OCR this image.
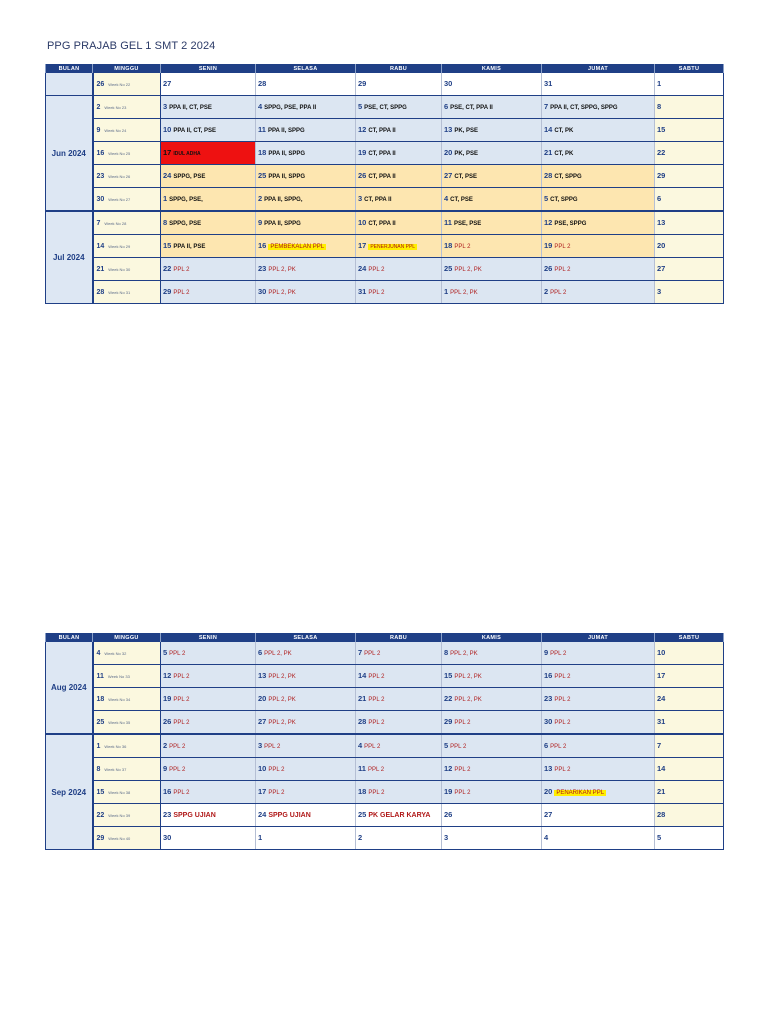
PPG PRAJAB GEL 1 SMT 2 2024
BULAN	MINGGU	SENIN	SELASA	RABU	KAMIS	JUMAT	SABTU
	26 Week No 22	27	28	29	30	31	1
Jun 2024	2 Week No 23	3 PPA II, CT, PSE	4 SPPG, PSE, PPA II	5 PSE, CT, SPPG	6 PSE, CT, PPA II	7 PPA II, CT, SPPG, SPPG	8
	9 Week No 24	10 PPA II, CT, PSE	11 PPA II, SPPG	12 CT, PPA II	13 PK, PSE	14 CT, PK	15
	16 Week No 25	17 IDUL ADHA	18 PPA II, SPPG	19 CT, PPA II	20 PK, PSE	21 CT, PK	22
	23 Week No 26	24 SPPG, PSE	25 PPA II, SPPG	26 CT, PPA II	27 CT, PSE	28 CT, SPPG	29
	30 Week No 27	1 SPPG, PSE,	2 PPA II, SPPG,	3 CT, PPA II	4 CT, PSE	5 CT, SPPG	6
Jul 2024	7 Week No 28	8 SPPG, PSE	9 PPA II, SPPG	10 CT, PPA II	11 PSE, PSE	12 PSE, SPPG	13
	14 Week No 29	15 PPA II, PSE	16 PEMBEKALAN PPL	17 PENERJUNAN PPL	18 PPL 2	19 PPL 2	20
	21 Week No 30	22 PPL 2	23 PPL 2, PK	24 PPL 2	25 PPL 2, PK	26 PPL 2	27
	28 Week No 31	29 PPL 2	30 PPL 2, PK	31 PPL 2	1 PPL 2, PK	2 PPL 2	3
BULAN	MINGGU	SENIN	SELASA	RABU	KAMIS	JUMAT	SABTU
Aug 2024	4 Week No 32	5 PPL 2	6 PPL 2, PK	7 PPL 2	8 PPL 2, PK	9 PPL 2	10
	11 Week No 33	12 PPL 2	13 PPL 2, PK	14 PPL 2	15 PPL 2, PK	16 PPL 2	17
	18 Week No 34	19 PPL 2	20 PPL 2, PK	21 PPL 2	22 PPL 2, PK	23 PPL 2	24
	25 Week No 35	26 PPL 2	27 PPL 2, PK	28 PPL 2	29 PPL 2	30 PPL 2	31
Sep 2024	1 Week No 36	2 PPL 2	3 PPL 2	4 PPL 2	5 PPL 2	6 PPL 2	7
	8 Week No 37	9 PPL 2	10 PPL 2	11 PPL 2	12 PPL 2	13 PPL 2	14
	15 Week No 38	16 PPL 2	17 PPL 2	18 PPL 2	19 PPL 2	20 PENARIKAN PPL	21
	22 Week No 39	23 SPPG UJIAN	24 SPPG UJIAN	25 PK GELAR KARYA	26	27	28
	29 Week No 40	30	1	2	3	4	5
